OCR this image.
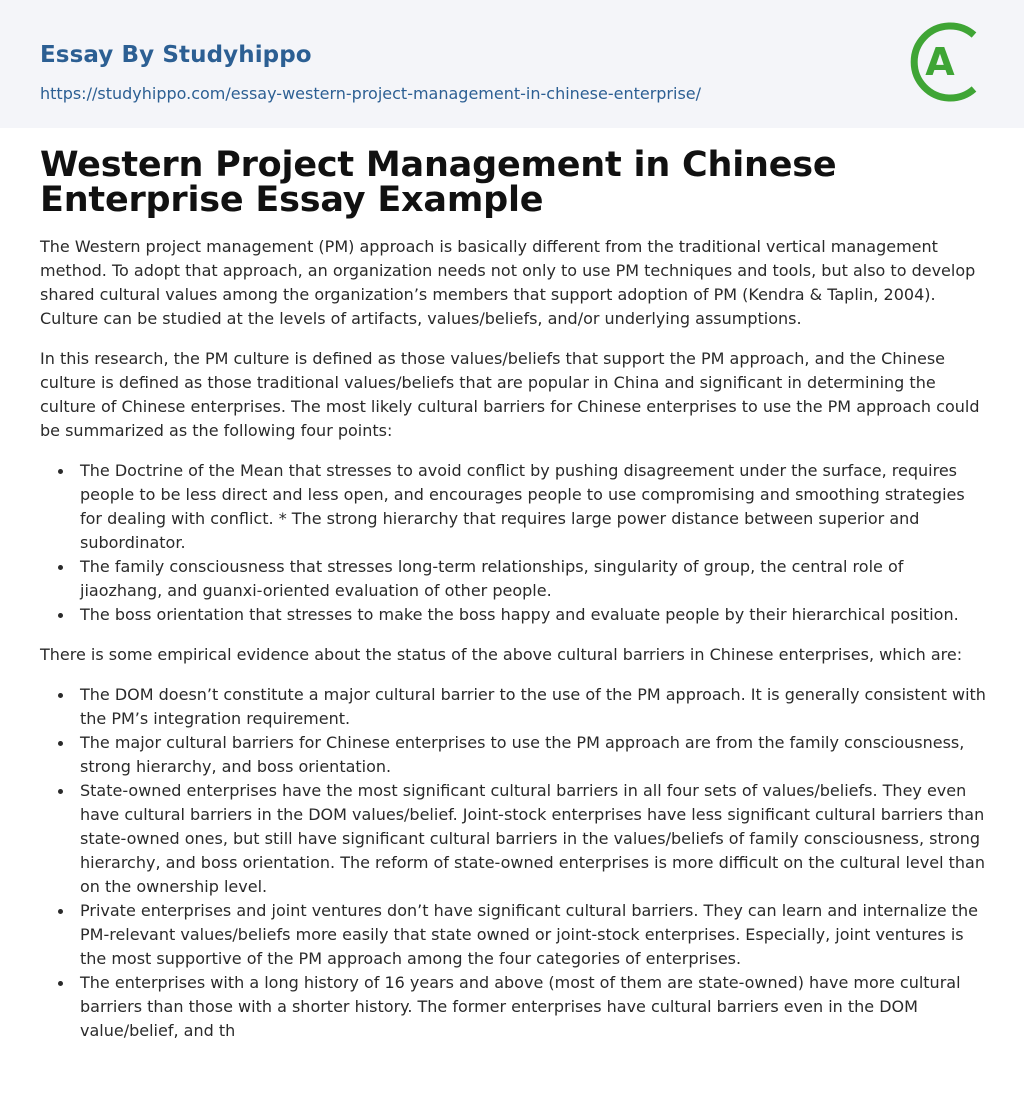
Essay By Studyhippo
https://studyhippo.com/essay-western-project-management-in-chinese-enterprise/
A
Western Project Management in Chinese Enterprise Essay Example

The Western project management (PM) approach is basically different from the traditional vertical management method. To adopt that approach, an organization needs not only to use PM techniques and tools, but also to develop shared cultural values among the organization’s members that support adoption of PM (Kendra & Taplin, 2004). Culture can be studied at the levels of artifacts, values/beliefs, and/or underlying assumptions.

In this research, the PM culture is defined as those values/beliefs that support the PM approach, and the Chinese culture is defined as those traditional values/beliefs that are popular in China and significant in determining the culture of Chinese enterprises. The most likely cultural barriers for Chinese enterprises to use the PM approach could be summarized as the following four points:

The Doctrine of the Mean that stresses to avoid conflict by pushing disagreement under the surface, requires people to be less direct and less open, and encourages people to use compromising and smoothing strategies for dealing with conflict. * The strong hierarchy that requires large power distance between superior and subordinator.
The family consciousness that stresses long-term relationships, singularity of group, the central role of jiaozhang, and guanxi-oriented evaluation of other people.
The boss orientation that stresses to make the boss happy and evaluate people by their hierarchical position.

There is some empirical evidence about the status of the above cultural barriers in Chinese enterprises, which are:

The DOM doesn’t constitute a major cultural barrier to the use of the PM approach. It is generally consistent with the PM’s integration requirement.
The major cultural barriers for Chinese enterprises to use the PM approach are from the family consciousness, strong hierarchy, and boss orientation.
State-owned enterprises have the most significant cultural barriers in all four sets of values/beliefs. They even have cultural barriers in the DOM values/belief. Joint-stock enterprises have less significant cultural barriers than state-owned ones, but still have significant cultural barriers in the values/beliefs of family consciousness, strong hierarchy, and boss orientation. The reform of state-owned enterprises is more difficult on the cultural level than on the ownership level.
Private enterprises and joint ventures don’t have significant cultural barriers. They can learn and internalize the PM-relevant values/beliefs more easily that state owned or joint-stock enterprises. Especially, joint ventures is the most supportive of the PM approach among the four categories of enterprises.
The enterprises with a long history of 16 years and above (most of them are state-owned) have more cultural barriers than those with a shorter history. The former enterprises have cultural barriers even in the DOM value/belief, and th
